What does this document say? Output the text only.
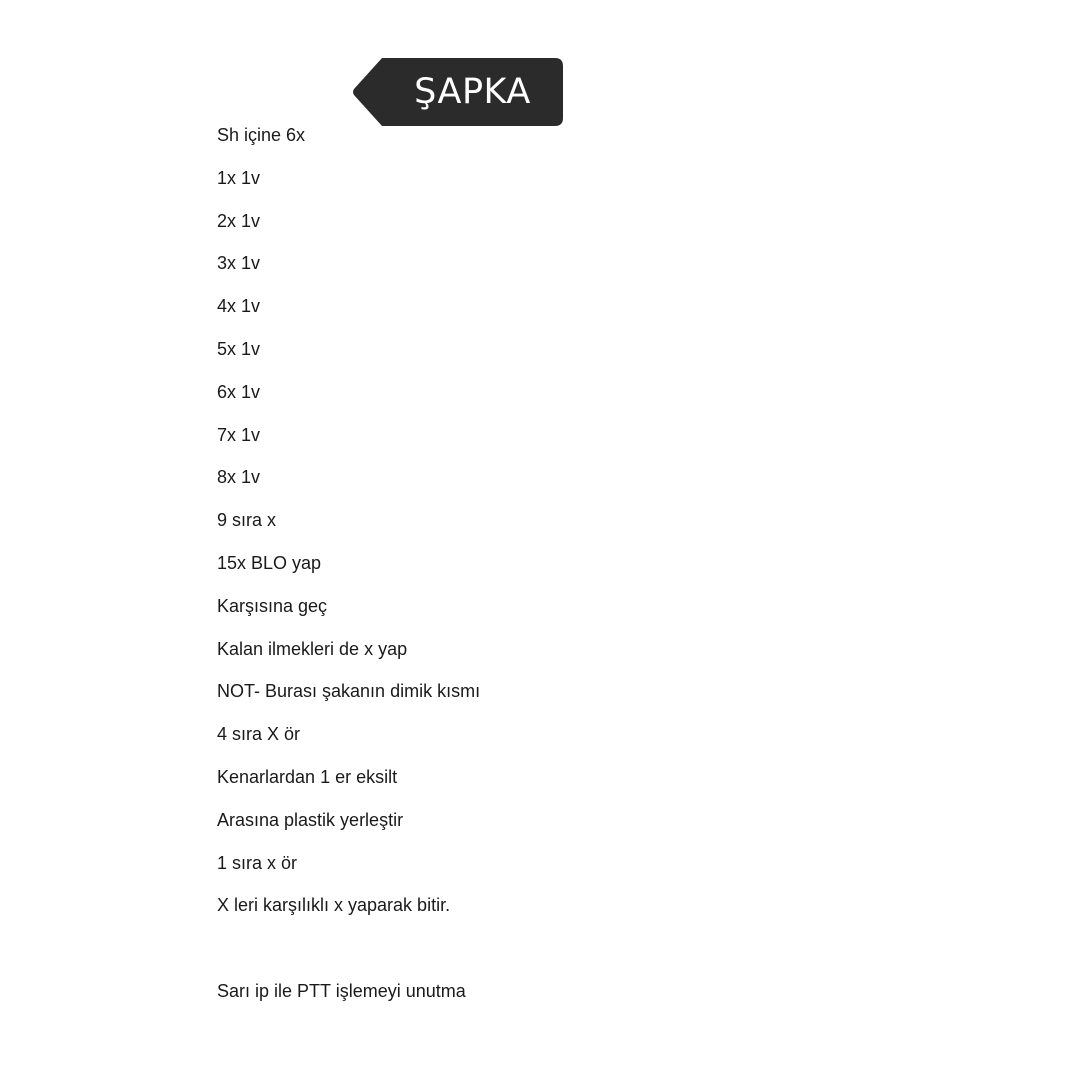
ŞAPKA
Sh içine 6x
1x 1v
2x 1v
3x 1v
4x 1v
5x 1v
6x 1v
7x 1v
8x 1v
9 sıra x
15x BLO yap
Karşısına geç
Kalan ilmekleri de x yap
NOT- Burası şakanın dimik kısmı
4 sıra X ör
Kenarlardan 1 er eksilt
Arasına plastik yerleştir
1 sıra x ör
X leri karşılıklı x yaparak bitir.
Sarı ip ile PTT işlemeyi unutma
